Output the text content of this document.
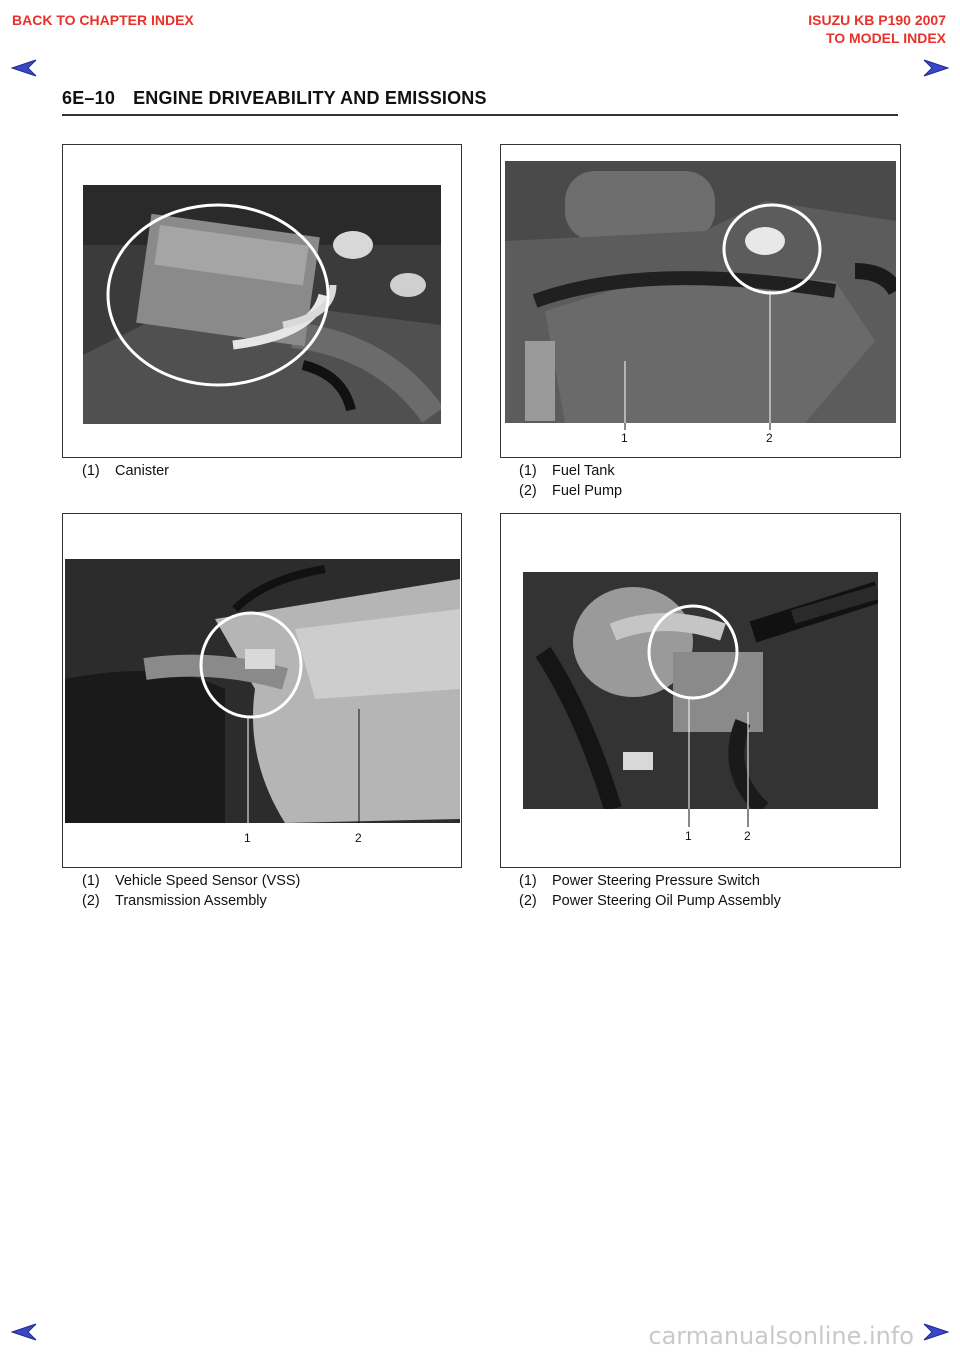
BACK TO CHAPTER INDEX	ISUZU KB P190 2007
TO MODEL INDEX
6E–10 ENGINE DRIVEABILITY AND EMISSIONS
(1)	Canister
1	2
(1)	Fuel Tank
(2)	Fuel Pump
1	2
(1)	Vehicle Speed Sensor (VSS)
(2)	Transmission Assembly
1	2
(1)	Power Steering Pressure Switch
(2)	Power Steering Oil Pump Assembly
carmanualsonline.info
